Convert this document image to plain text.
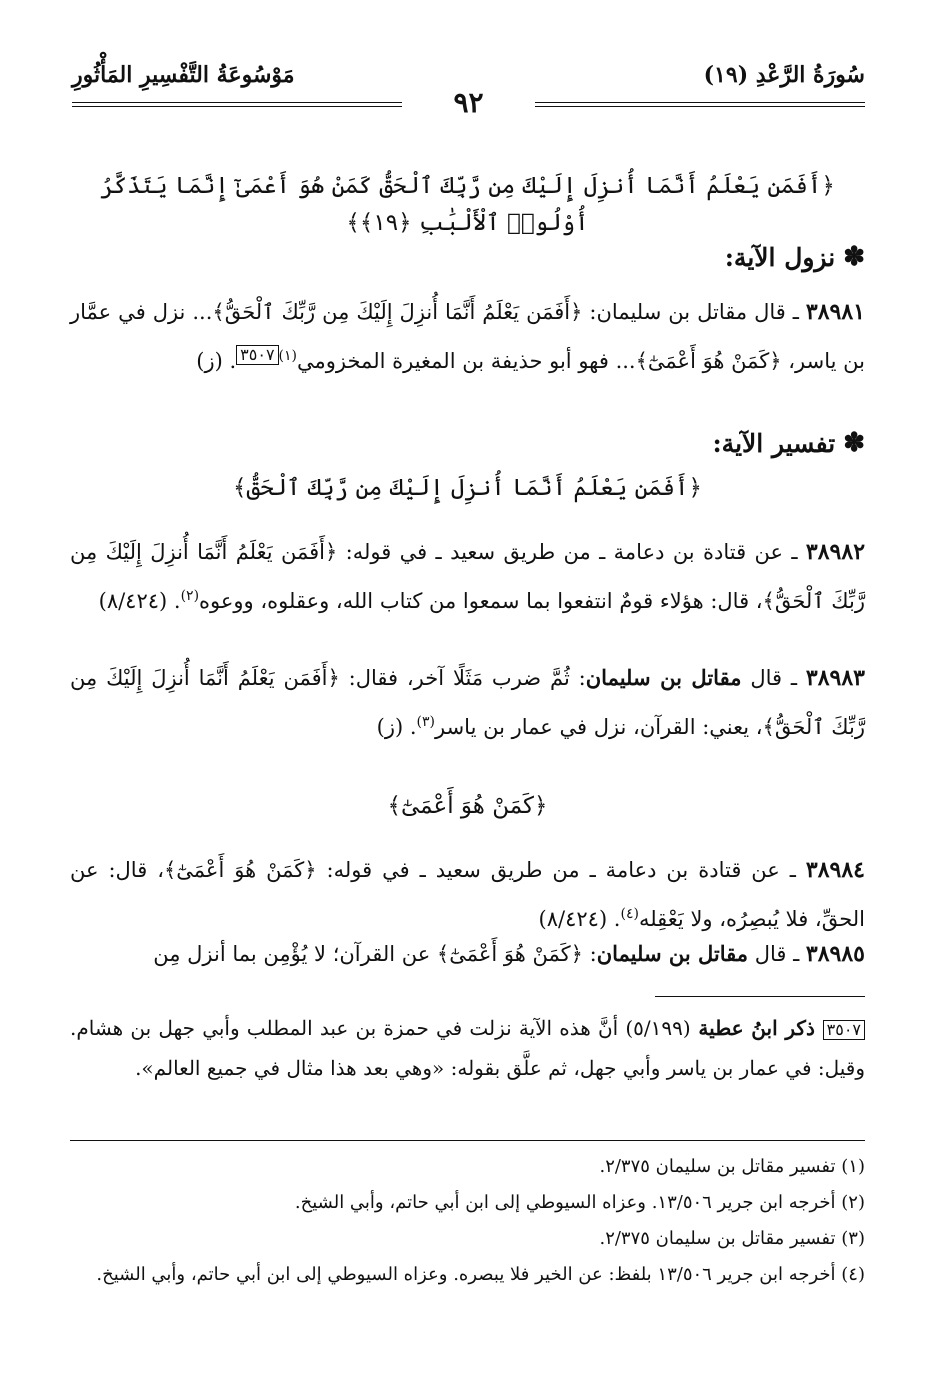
سُورَةُ الرَّعْدِ (١٩)
مَوْسُوعَةُ التَّفْسِيرِ المَأْثُورِ
٩٢
﴿أَفَمَن يَعْلَمُ أَنَّمَا أُنزِلَ إِلَيْكَ مِن رَّبِّكَ ٱلْحَقُّ كَمَنْ هُوَ أَعْمَىٰٓ إِنَّمَا يَتَذَكَّرُ أُوْلُوا۟ ٱلْأَلْبَٰبِ ﴿١٩﴾﴾
✽
نزول الآية:
٣٨٩٨١ ـ قال مقاتل بن سليمان: ﴿أَفَمَن يَعْلَمُ أَنَّمَا أُنزِلَ إِلَيْكَ مِن رَّبِّكَ ٱلْحَقُّ﴾... نزل في عمَّار بن ياسر، ﴿كَمَنْ هُوَ أَعْمَىٰٓ﴾... فهو أبو حذيفة بن المغيرة المخزومي$^{(١)}$٣٥٠٧. (ز)
✽
تفسير الآية:
﴿أَفَمَن يَعْلَمُ أَنَّمَا أُنزِلَ إِلَيْكَ مِن رَّبِّكَ ٱلْحَقُّ﴾
٣٨٩٨٢ ـ عن قتادة بن دعامة ـ من طريق سعيد ـ في قوله: ﴿أَفَمَن يَعْلَمُ أَنَّمَا أُنزِلَ إِلَيْكَ مِن رَّبِّكَ ٱلْحَقُّ﴾، قال: هؤلاء قومٌ انتفعوا بما سمعوا من كتاب الله، وعقلوه، ووعوه$^{(٢)}$. (٨/٤٢٤)
٣٨٩٨٣ ـ قال مقاتل بن سليمان: ثُمَّ ضرب مَثَلًا آخر، فقال: ﴿أَفَمَن يَعْلَمُ أَنَّمَا أُنزِلَ إِلَيْكَ مِن رَّبِّكَ ٱلْحَقُّ﴾، يعني: القرآن، نزل في عمار بن ياسر$^{(٣)}$. (ز)
﴿كَمَنْ هُوَ أَعْمَىٰٓ﴾
٣٨٩٨٤ ـ عن قتادة بن دعامة ـ من طريق سعيد ـ في قوله: ﴿كَمَنْ هُوَ أَعْمَىٰٓ﴾، قال: عن الحقِّ، فلا يُبصِرُه، ولا يَعْقِله$^{(٤)}$. (٨/٤٢٤)
٣٨٩٨٥ ـ قال مقاتل بن سليمان: ﴿كَمَنْ هُوَ أَعْمَىٰٓ﴾ عن القرآن؛ لا يُؤْمِن بما أنزل مِن
٣٥٠٧ ذكر ابنُ عطية (٥/١٩٩) أنَّ هذه الآية نزلت في حمزة بن عبد المطلب وأبي جهل بن هشام. وقيل: في عمار بن ياسر وأبي جهل، ثم علَّق بقوله: «وهي بعد هذا مثال في جميع العالم».
(١) تفسير مقاتل بن سليمان ٢/٣٧٥.
(٢) أخرجه ابن جرير ١٣/٥٠٦. وعزاه السيوطي إلى ابن أبي حاتم، وأبي الشيخ.
(٣) تفسير مقاتل بن سليمان ٢/٣٧٥.
(٤) أخرجه ابن جرير ١٣/٥٠٦ بلفظ: عن الخير فلا يبصره. وعزاه السيوطي إلى ابن أبي حاتم، وأبي الشيخ.
